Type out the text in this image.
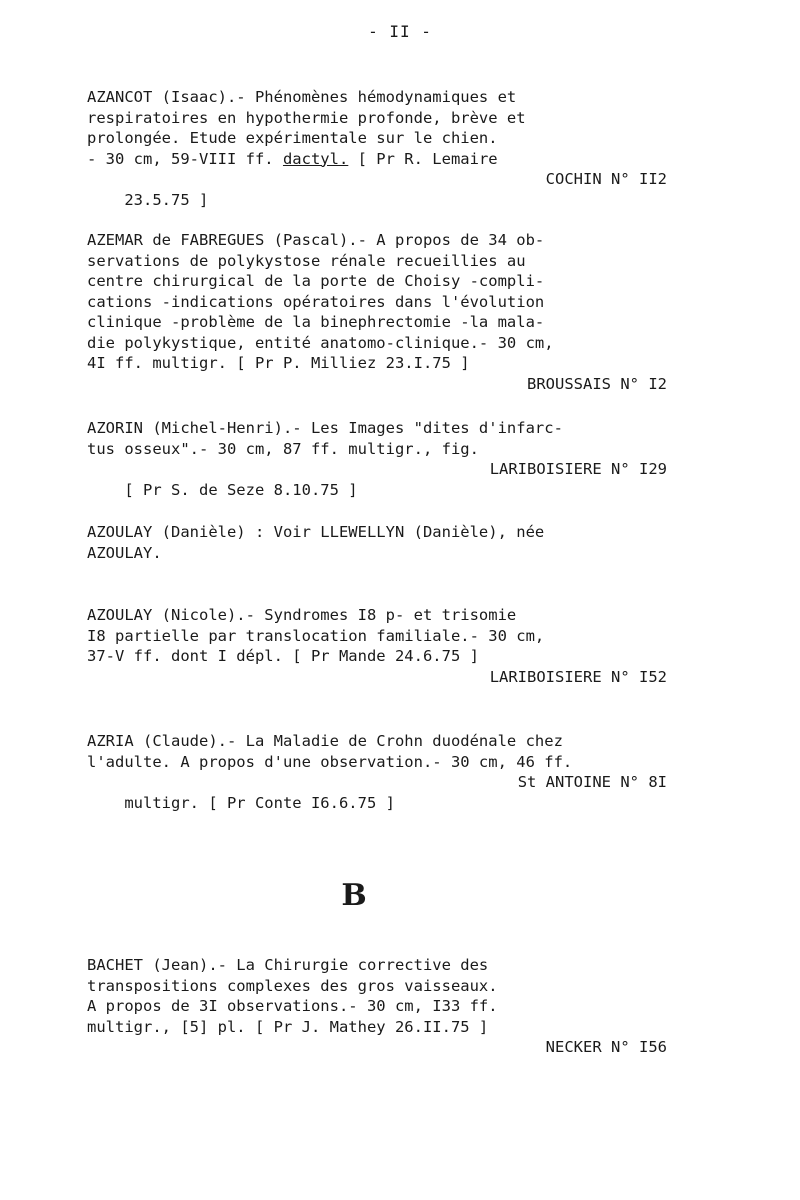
- II -
AZANCOT (Isaac).- Phénomènes hémodynamiques et
respiratoires en hypothermie profonde, brève et
prolongée. Etude expérimentale sur le chien.
- 30 cm, 59-VIII ff. dactyl. [ Pr R. Lemaire

23.5.75 ]

COCHIN N° II2

AZEMAR de FABREGUES (Pascal).- A propos de 34 ob-
servations de polykystose rénale recueillies au
centre chirurgical de la porte de Choisy -compli-
cations -indications opératoires dans l'évolution
clinique -problème de la binephrectomie -la mala-
die polykystique, entité anatomo-clinique.- 30 cm,
4I ff. multigr. [ Pr P. Milliez 23.I.75 ]
BROUSSAIS N° I2
AZORIN (Michel-Henri).- Les Images "dites d'infarc-
tus osseux".- 30 cm, 87 ff. multigr., fig.

[ Pr S. de Seze 8.10.75 ]

LARIBOISIERE N° I29

AZOULAY (Danièle) : Voir LLEWELLYN (Danièle), née
AZOULAY.
AZOULAY (Nicole).- Syndromes I8 p- et trisomie
I8 partielle par translocation familiale.- 30 cm,
37-V ff. dont I dépl. [ Pr Mande 24.6.75 ]
LARIBOISIERE N° I52
AZRIA (Claude).- La Maladie de Crohn duodénale chez
l'adulte. A propos d'une observation.- 30 cm, 46 ff.

multigr. [ Pr Conte I6.6.75 ]

St ANTOINE N° 8I

B
BACHET (Jean).- La Chirurgie corrective des
transpositions complexes des gros vaisseaux.
A propos de 3I observations.- 30 cm, I33 ff.
multigr., [5] pl. [ Pr J. Mathey 26.II.75 ]
NECKER N° I56
